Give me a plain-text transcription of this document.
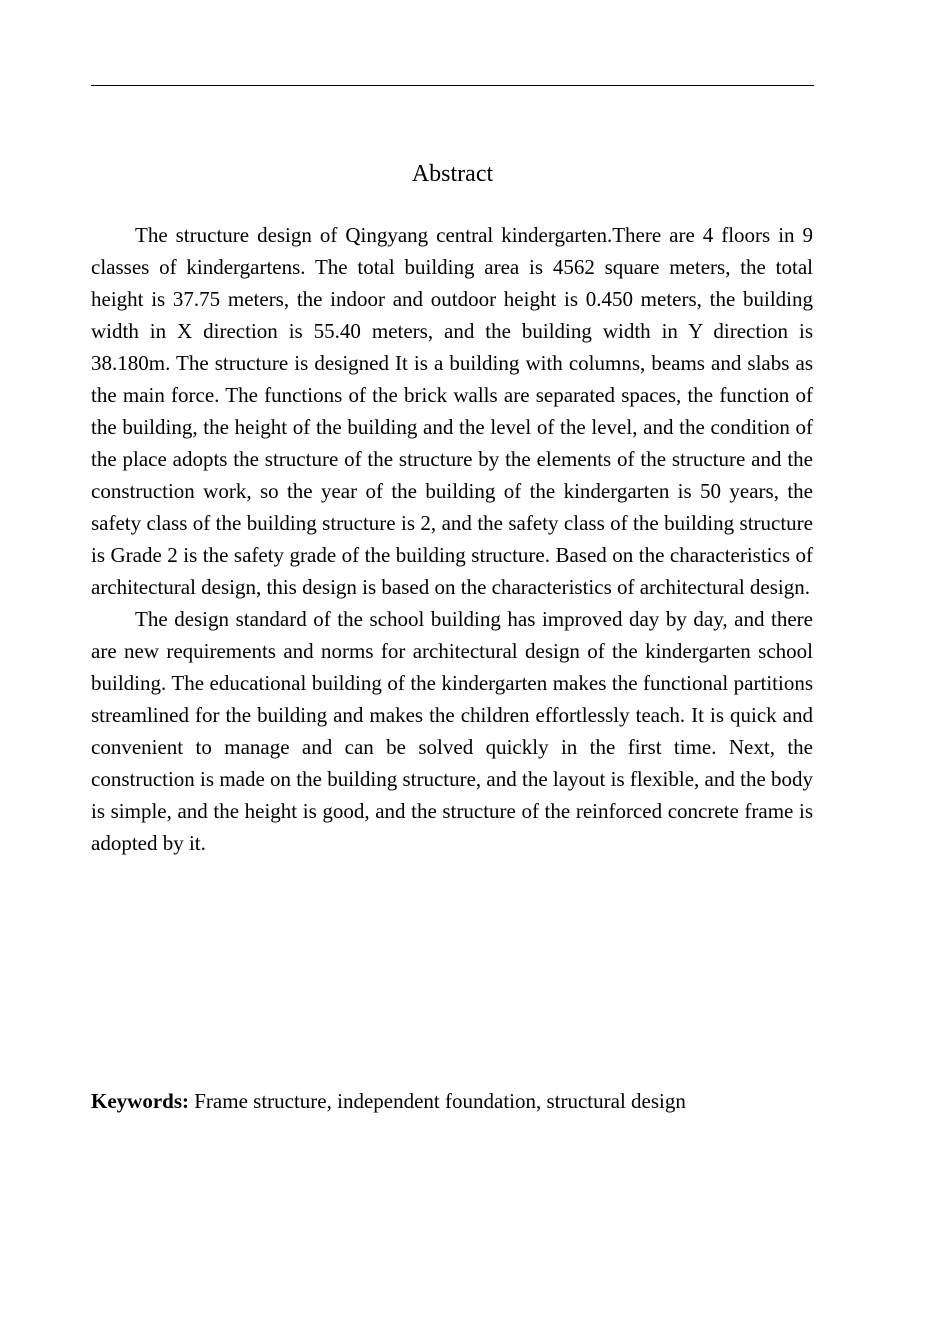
Abstract

The structure design of Qingyang central kindergarten.There are 4 floors in 9 classes of kindergartens. The total building area is 4562 square meters, the total height is 37.75 meters, the indoor and outdoor height is 0.450 meters, the building width in X direction is 55.40 meters, and the building width in Y direction is 38.180m. The structure is designed It is a building with columns, beams and slabs as the main force. The functions of the brick walls are separated spaces, the function of the building, the height of the building and the level of the level, and the condition of the place adopts the structure of the structure by the elements of the structure and the construction work, so the year of the building of the kindergarten is 50 years, the safety class of the building structure is 2, and the safety class of the building structure is Grade 2 is the safety grade of the building structure. Based on the characteristics of architectural design, this design is based on the characteristics of architectural design.

The design standard of the school building has improved day by day, and there are new requirements and norms for architectural design of the kindergarten school building. The educational building of the kindergarten makes the functional partitions streamlined for the building and makes the children effortlessly teach. It is quick and convenient to manage and can be solved quickly in the first time. Next, the construction is made on the building structure, and the layout is flexible, and the body is simple, and the height is good, and the structure of the reinforced concrete frame is adopted by it.

Keywords: Frame structure, independent foundation, structural design
